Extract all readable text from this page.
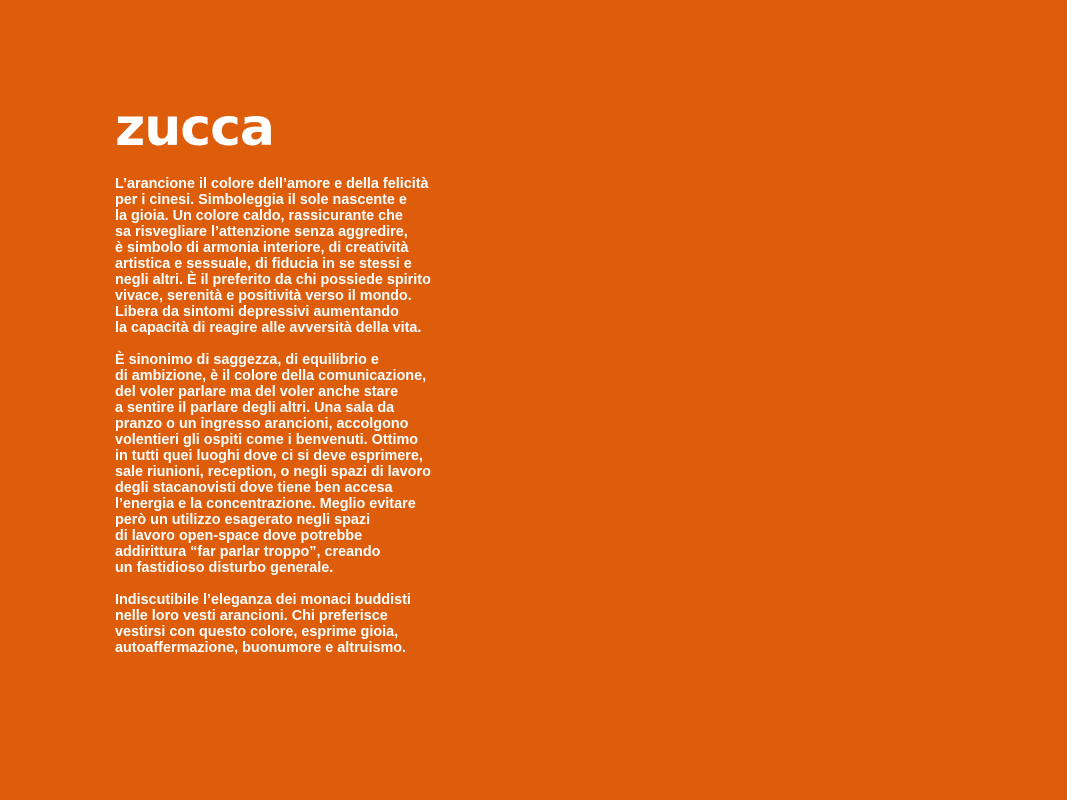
zucca

L’arancione il colore dell’amore e della felicità
per i cinesi. Simboleggia il sole nascente e
la gioia. Un colore caldo, rassicurante che
sa risvegliare l’attenzione senza aggredire,
è simbolo di armonia interiore, di creatività
artistica e sessuale, di fiducia in se stessi e
negli altri. È il preferito da chi possiede spirito
vivace, serenità e positività verso il mondo.
Libera da sintomi depressivi aumentando
la capacità di reagire alle avversità della vita.

È sinonimo di saggezza, di equilibrio e
di ambizione, è il colore della comunicazione,
del voler parlare ma del voler anche stare
a sentire il parlare degli altri. Una sala da
pranzo o un ingresso arancioni, accolgono
volentieri gli ospiti come i benvenuti. Ottimo
in tutti quei luoghi dove ci si deve esprimere,
sale riunioni, reception, o negli spazi di lavoro
degli stacanovisti dove tiene ben accesa
l’energia e la concentrazione. Meglio evitare
però un utilizzo esagerato negli spazi
di lavoro open-space dove potrebbe
addirittura “far parlar troppo”, creando
un fastidioso disturbo generale.

Indiscutibile l’eleganza dei monaci buddisti
nelle loro vesti arancioni. Chi preferisce
vestirsi con questo colore, esprime gioia,
autoaffermazione, buonumore e altruismo.
